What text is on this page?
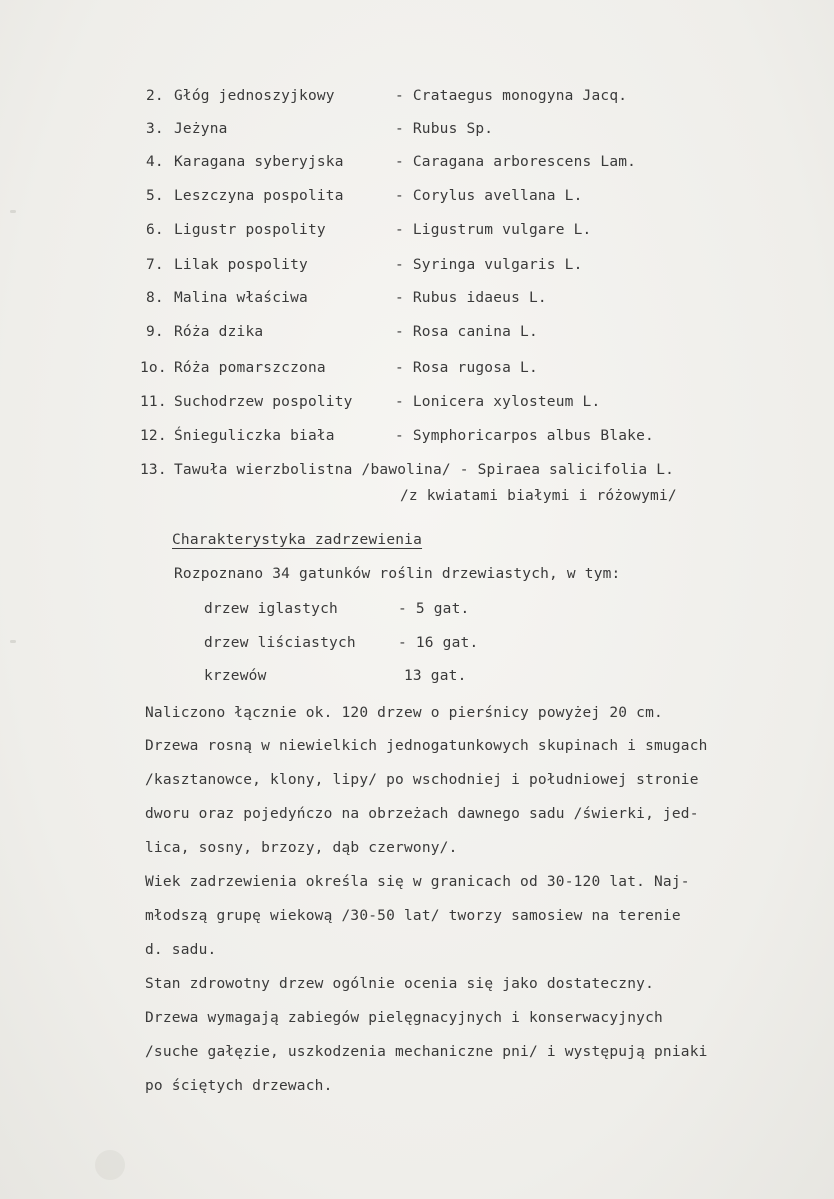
2. Głóg jednoszyjkowy	- Crataegus monogyna Jacq.
3. Jeżyna	- Rubus Sp.
4. Karagana syberyjska	- Caragana arborescens Lam.
5. Leszczyna pospolita	- Corylus avellana L.
6. Ligustr pospolity	- Ligustrum vulgare L.
7. Lilak pospolity	- Syringa vulgaris L.
8. Malina właściwa	- Rubus idaeus L.
9. Róża dzika	- Rosa canina L.
1o. Róża pomarszczona	- Rosa rugosa L.
11. Suchodrzew pospolity	- Lonicera xylosteum L.
12. Śnieguliczka biała	- Symphoricarpos albus Blake.
13. Tawuła wierzbolistna /bawolina/ - Spiraea salicifolia L.
/z kwiatami białymi i różowymi/
Charakterystyka zadrzewienia
Rozpoznano 34 gatunków roślin drzewiastych, w tym:
drzew iglastych	- 5 gat.
drzew liściastych	- 16 gat.
krzewów	13 gat.
Naliczono łącznie ok. 120 drzew o pierśnicy powyżej 20 cm.
Drzewa rosną w niewielkich jednogatunkowych skupinach i smugach
/kasztanowce, klony, lipy/ po wschodniej i południowej stronie
dworu oraz pojedyńczo na obrzeżach dawnego sadu /świerki, jed-
lica, sosny, brzozy, dąb czerwony/.
Wiek zadrzewienia określa się w granicach od 30-120 lat. Naj-
młodszą grupę wiekową /30-50 lat/ tworzy samosiew na terenie
d. sadu.
Stan zdrowotny drzew ogólnie ocenia się jako dostateczny.
Drzewa wymagają zabiegów pielęgnacyjnych i konserwacyjnych
/suche gałęzie, uszkodzenia mechaniczne pni/ i występują pniaki
po ściętych drzewach.
